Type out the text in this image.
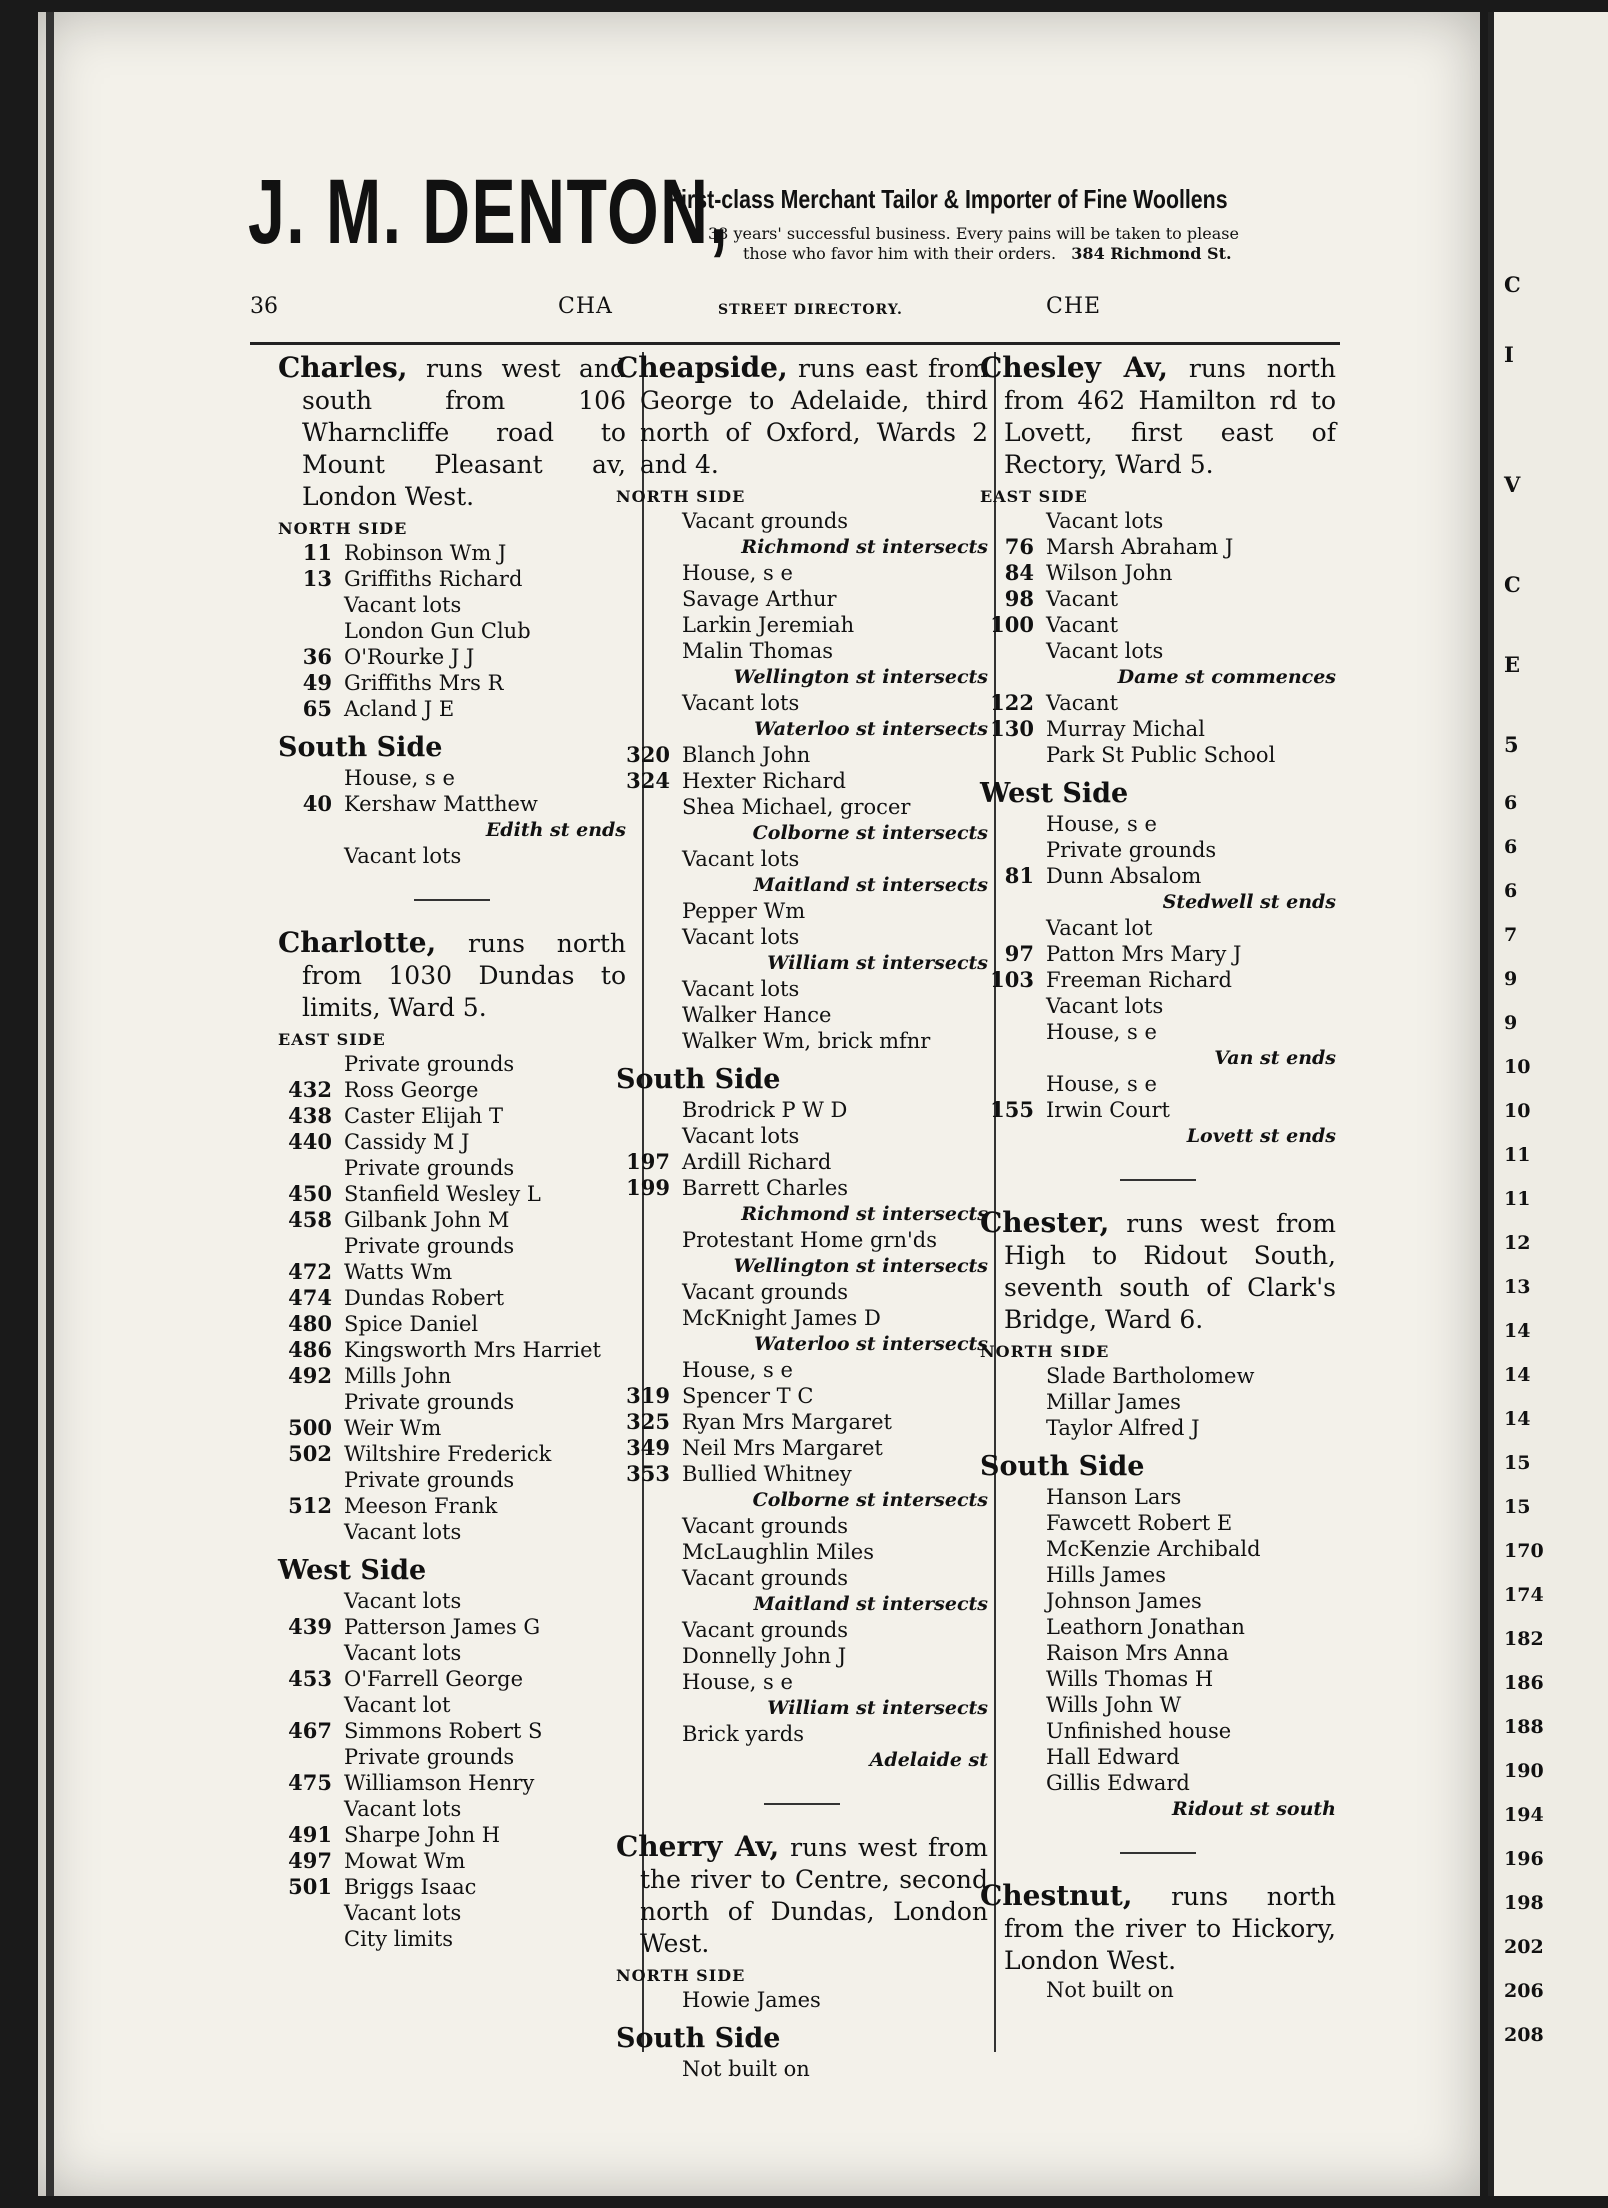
J. M. DENTON,
First-class Merchant Tailor & Importer of Fine Woollens
38 years' successful business. Every pains will be taken to please
those who favor him with their orders. 384 Richmond St.
36	CHA	STREET DIRECTORY.	CHE
Charles, runs west and south from 106 Wharncliffe road to Mount Pleasant av, London West.
NORTH SIDE
11 Robinson Wm J
13 Griffiths Richard
Vacant lots
London Gun Club
36 O'Rourke J J
49 Griffiths Mrs R
65 Acland J E
South Side
House, s e
40 Kershaw Matthew
Edith st ends
Vacant lots
Charlotte, runs north from 1030 Dundas to limits, Ward 5.
EAST SIDE
Private grounds
432 Ross George
438 Caster Elijah T
440 Cassidy M J
Private grounds
450 Stanfield Wesley L
458 Gilbank John M
Private grounds
472 Watts Wm
474 Dundas Robert
480 Spice Daniel
486 Kingsworth Mrs Harriet
492 Mills John
Private grounds
500 Weir Wm
502 Wiltshire Frederick
Private grounds
512 Meeson Frank
Vacant lots
West Side
Vacant lots
439 Patterson James G
Vacant lots
453 O'Farrell George
Vacant lot
467 Simmons Robert S
Private grounds
475 Williamson Henry
Vacant lots
491 Sharpe John H
497 Mowat Wm
501 Briggs Isaac
Vacant lots
City limits
Cheapside, runs east from George to Adelaide, third north of Oxford, Wards 2 and 4.
NORTH SIDE
Vacant grounds
Richmond st intersects
House, s e
Savage Arthur
Larkin Jeremiah
Malin Thomas
Wellington st intersects
Vacant lots
Waterloo st intersects
320 Blanch John
324 Hexter Richard
Shea Michael, grocer
Colborne st intersects
Vacant lots
Maitland st intersects
Pepper Wm
Vacant lots
William st intersects
Vacant lots
Walker Hance
Walker Wm, brick mfnr
South Side
Brodrick P W D
Vacant lots
197 Ardill Richard
199 Barrett Charles
Richmond st intersects
Protestant Home grn'ds
Wellington st intersects
Vacant grounds
McKnight James D
Waterloo st intersects
House, s e
319 Spencer T C
325 Ryan Mrs Margaret
349 Neil Mrs Margaret
353 Bullied Whitney
Colborne st intersects
Vacant grounds
McLaughlin Miles
Vacant grounds
Maitland st intersects
Vacant grounds
Donnelly John J
House, s e
William st intersects
Brick yards
Adelaide st
Cherry Av, runs west from the river to Centre, second north of Dundas, London West.
NORTH SIDE
Howie James
South Side
Not built on
Chesley Av, runs north from 462 Hamilton rd to Lovett, first east of Rectory, Ward 5.
EAST SIDE
Vacant lots
76 Marsh Abraham J
84 Wilson John
98 Vacant
100 Vacant
Vacant lots
Dame st commences
122 Vacant
130 Murray Michal
Park St Public School
West Side
House, s e
Private grounds
81 Dunn Absalom
Stedwell st ends
Vacant lot
97 Patton Mrs Mary J
103 Freeman Richard
Vacant lots
House, s e
Van st ends
House, s e
155 Irwin Court
Lovett st ends
Chester, runs west from High to Ridout South, seventh south of Clark's Bridge, Ward 6.
NORTH SIDE
Slade Bartholomew
Millar James
Taylor Alfred J
South Side
Hanson Lars
Fawcett Robert E
McKenzie Archibald
Hills James
Johnson James
Leathorn Jonathan
Raison Mrs Anna
Wills Thomas H
Wills John W
Unfinished house
Hall Edward
Gillis Edward
Ridout st south
Chestnut, runs north from the river to Hickory, London West.
Not built on
C
I
V
C
E
5
6
6
6
7
9
9
10
10
11
11
12
13
14
14
14
15
15
170
174
182
186
188
190
194
196
198
202
206
208
